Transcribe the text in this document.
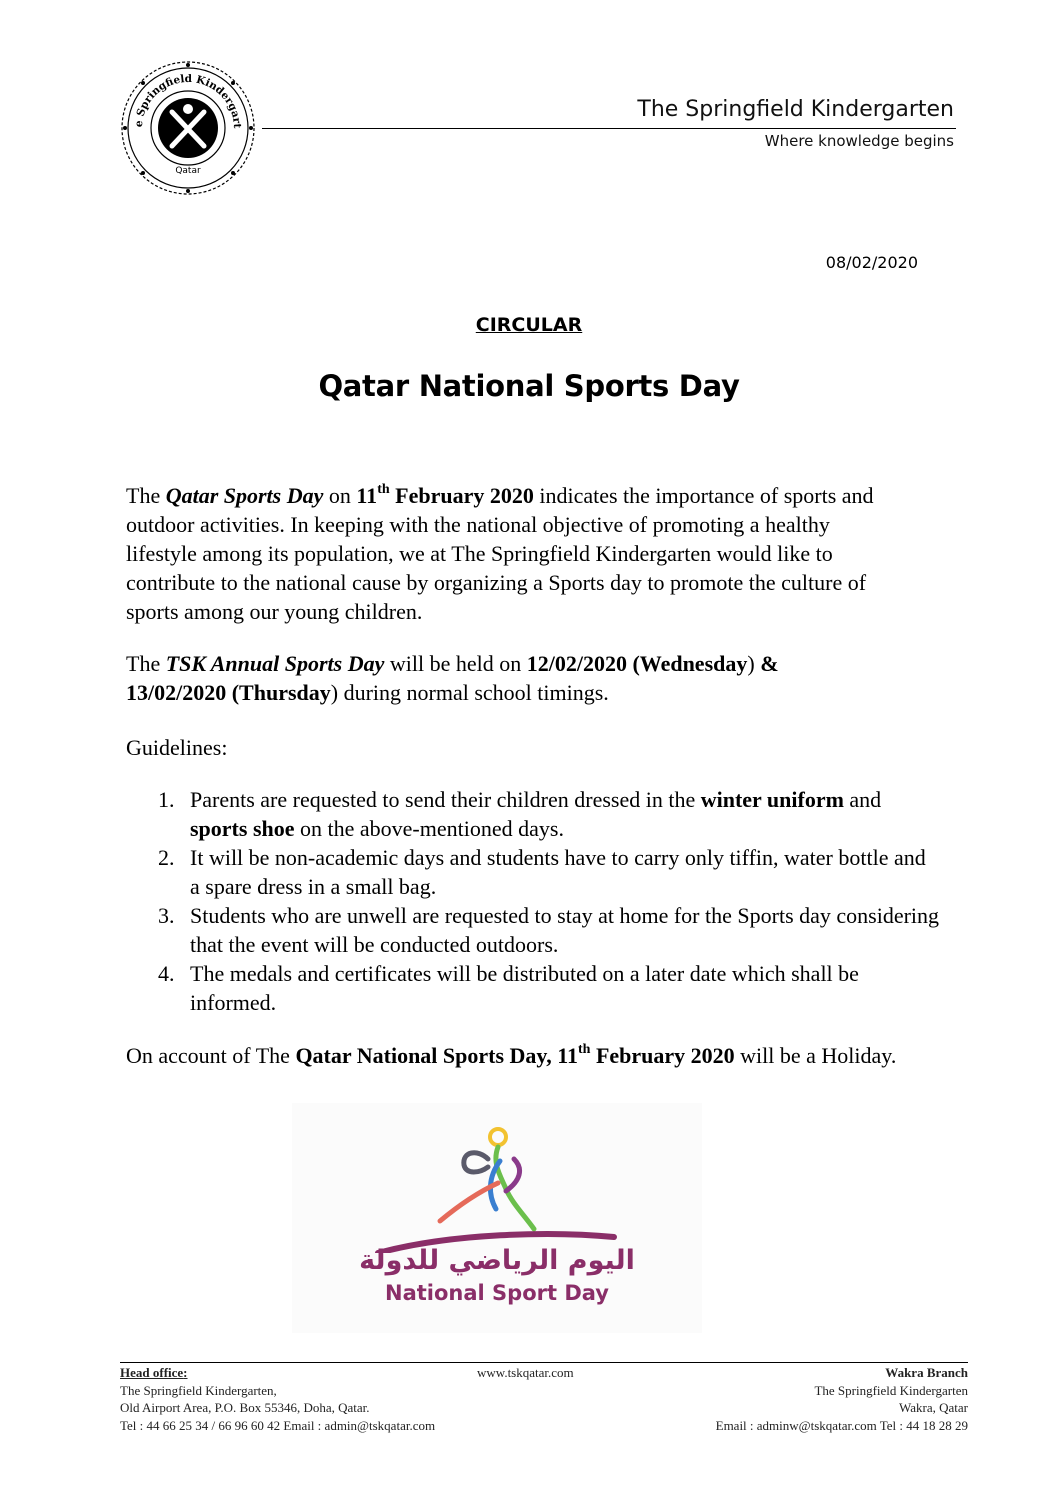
e Springfield Kindergart
Qatar
The Springfield Kindergarten
Where knowledge begins
08/02/2020
CIRCULAR
Qatar National Sports Day
The Qatar Sports Day on 11th February 2020 indicates the importance of sports and outdoor activities. In keeping with the national objective of promoting a healthy lifestyle among its population, we at The Springfield Kindergarten would like to contribute to the national cause by organizing a Sports day to promote the culture of sports among our young children.
The TSK Annual Sports Day will be held on 12/02/2020 (Wednesday) &
13/02/2020 (Thursday) during normal school timings.
Guidelines:
1. Parents are requested to send their children dressed in the winter uniform and sports shoe on the above-mentioned days.
2. It will be non-academic days and students have to carry only tiffin, water bottle and a spare dress in a small bag.
3. Students who are unwell are requested to stay at home for the Sports day considering that the event will be conducted outdoors.
4. The medals and certificates will be distributed on a later date which shall be informed.
On account of The Qatar National Sports Day, 11th February 2020 will be a Holiday.
اليوم الرياضي للدولة
National Sport Day
Head office:
The Springfield Kindergarten,
Old Airport Area, P.O. Box 55346, Doha, Qatar.
Tel : 44 66 25 34 / 66 96 60 42 Email : admin@tskqatar.com
www.tskqatar.com	Wakra Branch
The Springfield Kindergarten
Wakra, Qatar
Email : adminw@tskqatar.com Tel : 44 18 28 29
